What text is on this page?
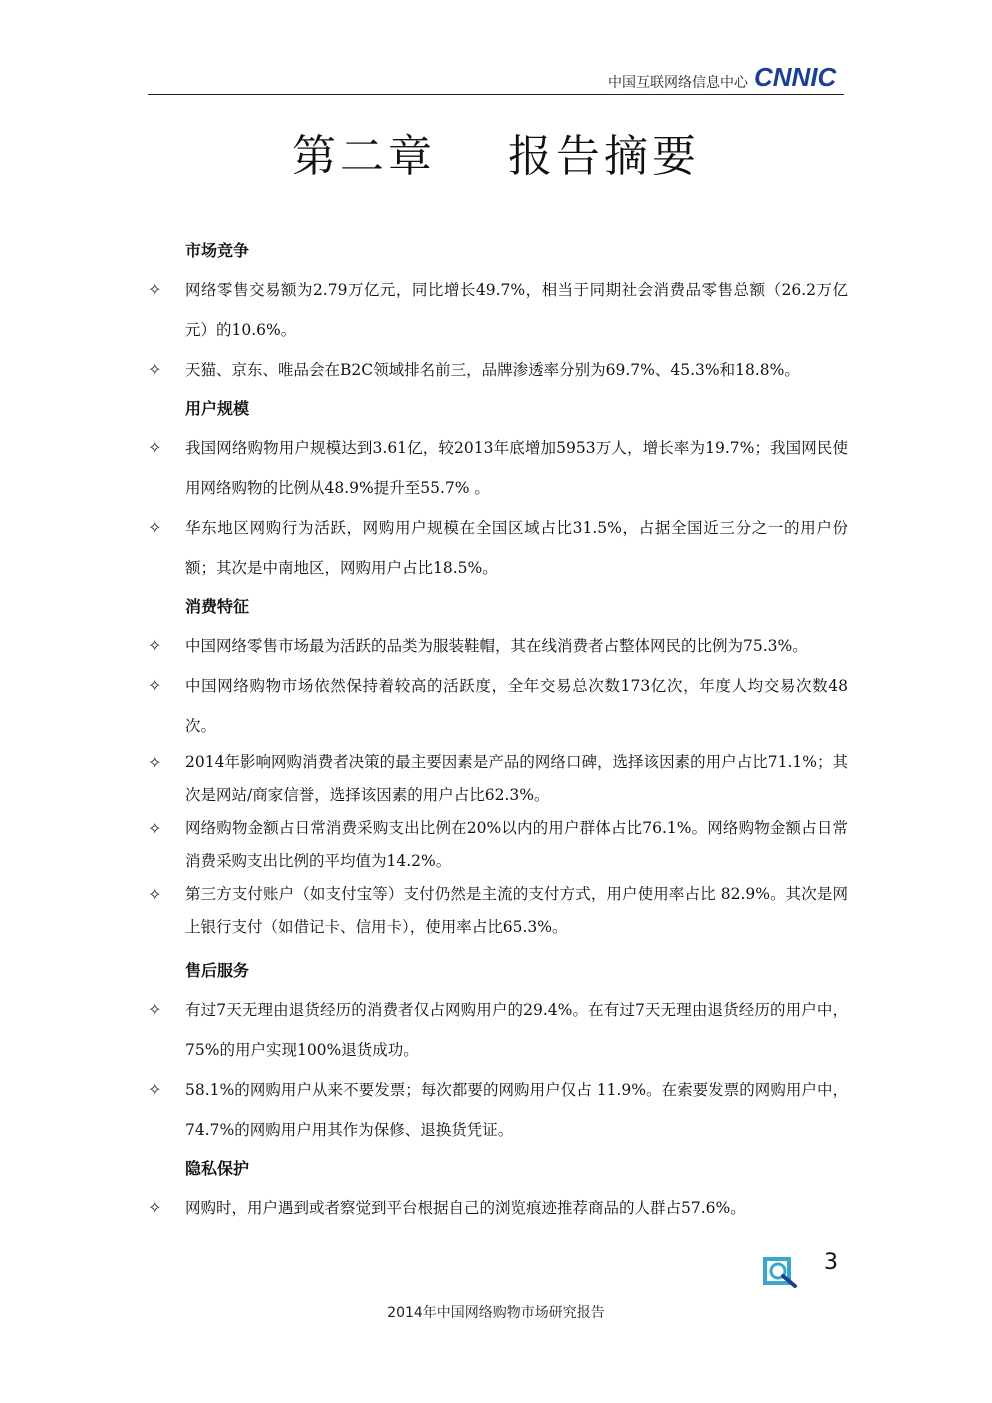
中国互联网络信息中心 CNNIC
第二章    报告摘要

市场竞争

✧	网络零售交易额为2.79万亿元，同比增长49.7%，相当于同期社会消费品零售总额（26.2万亿元）的10.6%。
✧	天猫、京东、唯品会在B2C领域排名前三，品牌渗透率分别为69.7%、45.3%和18.8%。

用户规模

✧	我国网络购物用户规模达到3.61亿，较2013年底增加5953万人，增长率为19.7%；我国网民使用网络购物的比例从48.9%提升至55.7% 。
✧	华东地区网购行为活跃，网购用户规模在全国区域占比31.5%，占据全国近三分之一的用户份额；其次是中南地区，网购用户占比18.5%。

消费特征

✧	中国网络零售市场最为活跃的品类为服装鞋帽，其在线消费者占整体网民的比例为75.3%。
✧	中国网络购物市场依然保持着较高的活跃度，全年交易总次数173亿次，年度人均交易次数48次。
✧	2014年影响网购消费者决策的最主要因素是产品的网络口碑，选择该因素的用户占比71.1%；其次是网站/商家信誉，选择该因素的用户占比62.3%。
✧	网络购物金额占日常消费采购支出比例在20%以内的用户群体占比76.1%。网络购物金额占日常消费采购支出比例的平均值为14.2%。
✧	第三方支付账户（如支付宝等）支付仍然是主流的支付方式，用户使用率占比 82.9%。其次是网上银行支付（如借记卡、信用卡），使用率占比65.3%。

售后服务

✧	有过7天无理由退货经历的消费者仅占网购用户的29.4%。在有过7天无理由退货经历的用户中，75%的用户实现100%退货成功。
✧	58.1%的网购用户从来不要发票；每次都要的网购用户仅占 11.9%。在索要发票的网购用户中，74.7%的网购用户用其作为保修、退换货凭证。

隐私保护

✧	网购时，用户遇到或者察觉到平台根据自己的浏览痕迹推荐商品的人群占57.6%。
3
2014年中国网络购物市场研究报告
